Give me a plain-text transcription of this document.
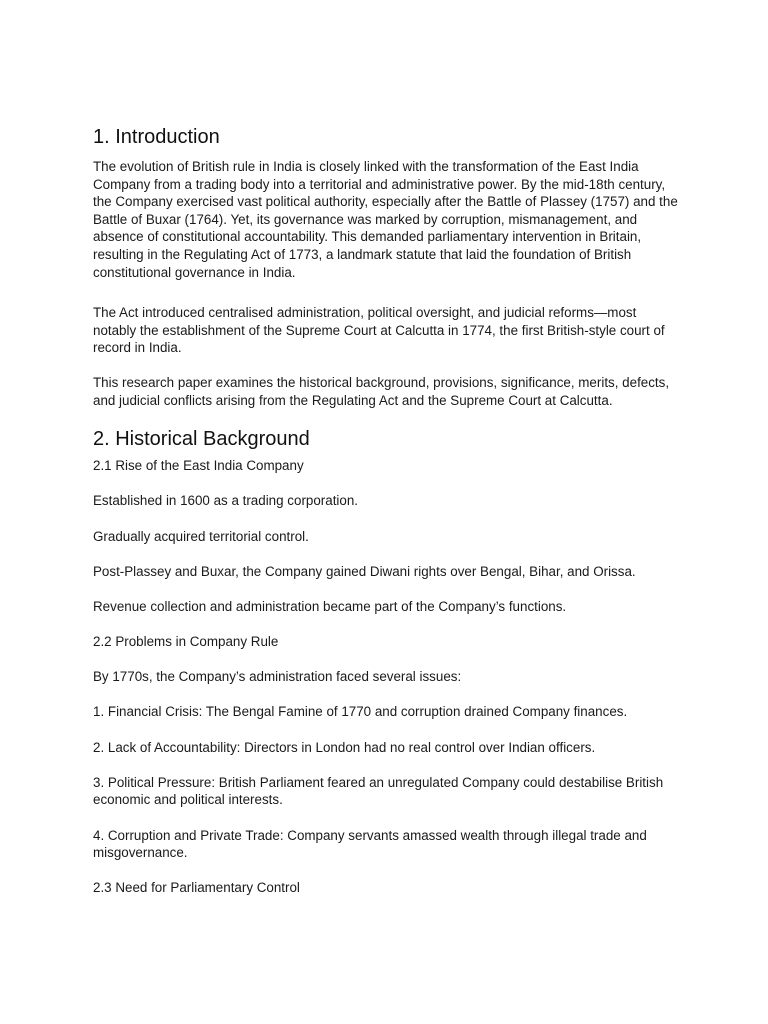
1. Introduction

The evolution of British rule in India is closely linked with the transformation of the East India Company from a trading body into a territorial and administrative power. By the mid-18th century, the Company exercised vast political authority, especially after the Battle of Plassey (1757) and the Battle of Buxar (1764). Yet, its governance was marked by corruption, mismanagement, and absence of constitutional accountability. This demanded parliamentary intervention in Britain, resulting in the Regulating Act of 1773, a landmark statute that laid the foundation of British constitutional governance in India.

The Act introduced centralised administration, political oversight, and judicial reforms—most notably the establishment of the Supreme Court at Calcutta in 1774, the first British-style court of record in India.

This research paper examines the historical background, provisions, significance, merits, defects, and judicial conflicts arising from the Regulating Act and the Supreme Court at Calcutta.

2. Historical Background

2.1 Rise of the East India Company

Established in 1600 as a trading corporation.

Gradually acquired territorial control.

Post-Plassey and Buxar, the Company gained Diwani rights over Bengal, Bihar, and Orissa.

Revenue collection and administration became part of the Company’s functions.

2.2 Problems in Company Rule

By 1770s, the Company’s administration faced several issues:

1. Financial Crisis: The Bengal Famine of 1770 and corruption drained Company finances.

2. Lack of Accountability: Directors in London had no real control over Indian officers.

3. Political Pressure: British Parliament feared an unregulated Company could destabilise British economic and political interests.

4. Corruption and Private Trade: Company servants amassed wealth through illegal trade and misgovernance.

2.3 Need for Parliamentary Control
